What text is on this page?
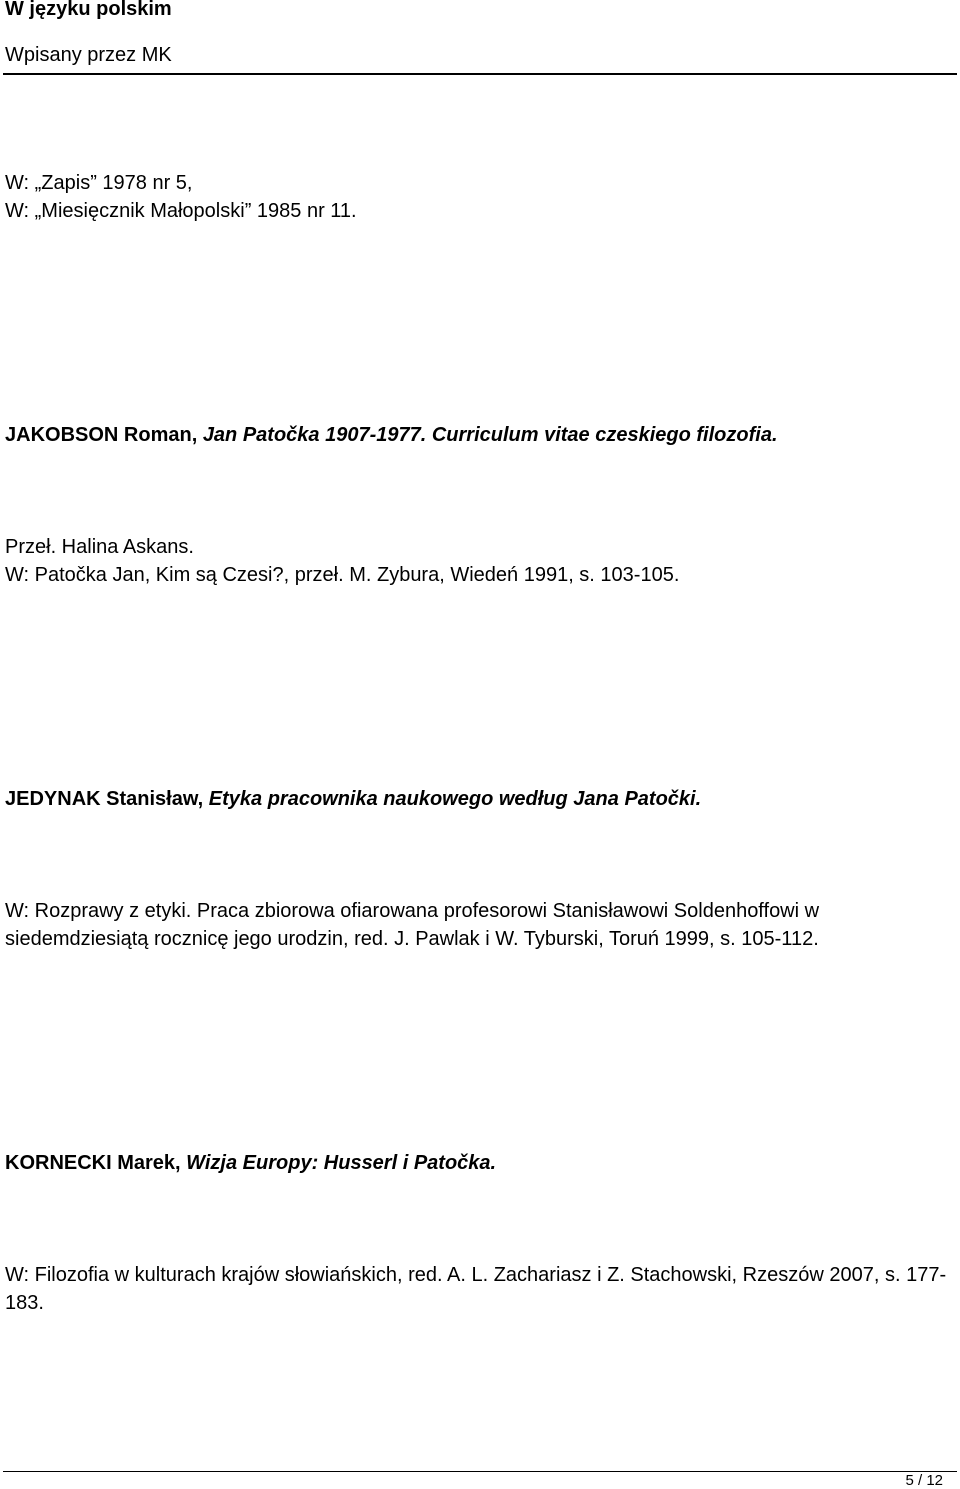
W języku polskim
Wpisany przez MK
W: „Zapis” 1978 nr 5,
W: „Miesięcznik Małopolski” 1985 nr 11.
JAKOBSON Roman, Jan Patočka 1907-1977. Curriculum vitae czeskiego filozofia.
Przeł. Halina Askans.
W: Patočka Jan, Kim są Czesi?, przeł. M. Zybura, Wiedeń 1991, s. 103-105.
JEDYNAK Stanisław, Etyka pracownika naukowego według Jana Patočki.
W: Rozprawy z etyki. Praca zbiorowa ofiarowana profesorowi Stanisławowi Soldenhoffowi w siedemdziesiątą rocznicę jego urodzin, red. J. Pawlak i W. Tyburski, Toruń 1999, s. 105-112.
KORNECKI Marek, Wizja Europy: Husserl i Patočka.
W: Filozofia w kulturach krajów słowiańskich, red. A. L. Zachariasz i Z. Stachowski, Rzeszów 2007, s. 177-183.
5 / 12
